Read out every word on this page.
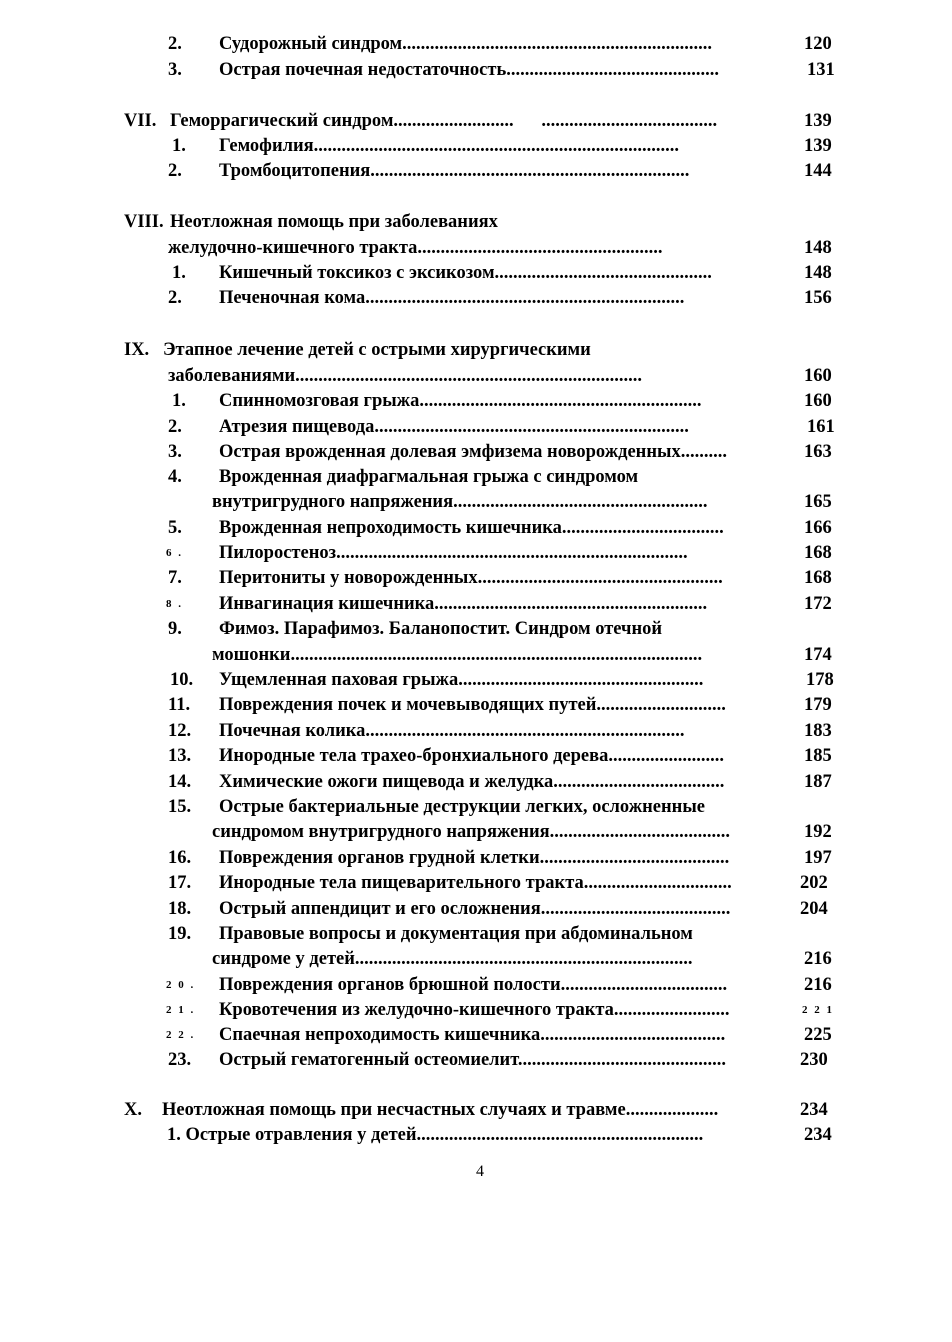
2. Судорожный синдром...................................................................	120
3. Острая почечная недостаточность..............................................	131
VII. Геморрагический синдром..........................      ......................................	139
1. Гемофилия...............................................................................	139
2. Тромбоцитопения.....................................................................	144
VIII. Неотложная помощь при заболеваниях
желудочно-кишечного тракта.....................................................	148
1. Кишечный токсикоз с эксикозом...............................................	148
2. Печеночная кома.....................................................................	156
IX. Этапное лечение детей с острыми хирургическими
заболеваниями...........................................................................	160
1. Спинномозговая грыжа.............................................................	160
2. Атрезия пищевода....................................................................	161
3. Острая врожденная долевая эмфизема новорожденных..........	163
4. Врожденная диафрагмальная грыжа с синдромом
внутригрудного напряжения.......................................................	165
5. Врожденная непроходимость кишечника...................................	166
6 . Пилоростеноз............................................................................	168
7. Перитониты у новорожденных.....................................................	168
8 . Инвагинация кишечника...........................................................	172
9. Фимоз. Парафимоз. Баланопостит. Синдром отечной
мошонки.........................................................................................	174
10. Ущемленная паховая грыжа.....................................................	178
11. Повреждения почек и мочевыводящих путей............................	179
12. Почечная колика.....................................................................	183
13. Инородные тела трахео-бронхиального дерева.........................	185
14. Химические ожоги пищевода и желудка.....................................	187
15. Острые бактериальные деструкции легких, осложненные
синдромом внутригрудного напряжения.......................................	192
16. Повреждения органов грудной клетки.........................................	197
17. Инородные тела пищеварительного тракта................................	202
18. Острый аппендицит и его осложнения.........................................	204
19. Правовые вопросы и документация при абдоминальном
синдроме у детей.........................................................................	216
2 0 . Повреждения органов брюшной полости....................................	216
2 1 . Кровотечения из желудочно-кишечного тракта.........................	2 2 1
2 2 . Спаечная непроходимость кишечника........................................	225
23. Острый гематогенный остеомиелит.............................................	230
X. Неотложная помощь при несчастных случаях и травме....................	234
1. Острые отравления у детей..............................................................	234
4
